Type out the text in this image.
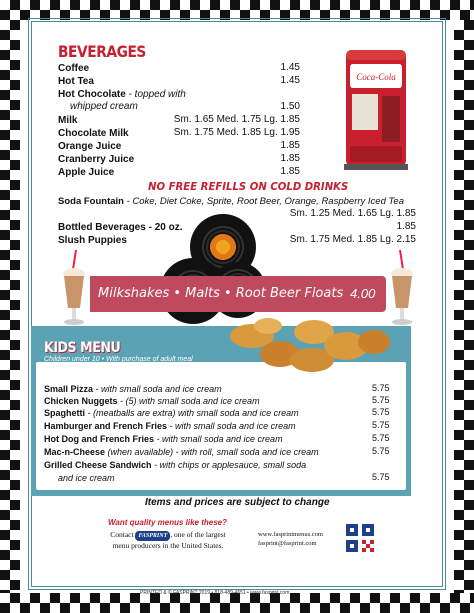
BEVERAGES
Coffee	1.45
Hot Tea	1.45
Hot Chocolate - topped with
whipped cream	1.50
Milk	Sm. 1.65 Med. 1.75 Lg. 1.85
Chocolate Milk	Sm. 1.75 Med. 1.85 Lg. 1.95
Orange Juice	1.85
Cranberry Juice	1.85
Apple Juice	1.85
NO FREE REFILLS ON COLD DRINKS
Soda Fountain - Coke, Diet Coke, Sprite, Root Beer, Orange, Raspberry Iced Tea
Sm. 1.25 Med. 1.65 Lg. 1.85
Bottled Beverages - 20 oz.	1.85
Slush Puppies	Sm. 1.75 Med. 1.85 Lg. 2.15
Coca-Cola
Milkshakes • Malts • Root Beer Floats 4.00
KIDS MENU
Children under 10 • With purchase of adult meal
Small Pizza - with small soda and ice cream	5.75
Chicken Nuggets - (5) with small soda and ice cream	5.75
Spaghetti - (meatballs are extra) with small soda and ice cream	5.75
Hamburger and French Fries - with small soda and ice cream	5.75
Hot Dog and French Fries - with small soda and ice cream	5.75
Mac-n-Cheese (when available) - with roll, small soda and ice cream	5.75
Grilled Cheese Sandwich - with chips or applesauce, small soda
and ice cream	5.75
Items and prices are subject to change
Want quality menus like these?
Contact FASPRINT , one of the largest menu producers in the United States.
www.fasprintmenus.com
fasprint@fasprint.com
PRINTED & © FASPRINT 2019 • 818-489-4651 • www.fasprint.com
